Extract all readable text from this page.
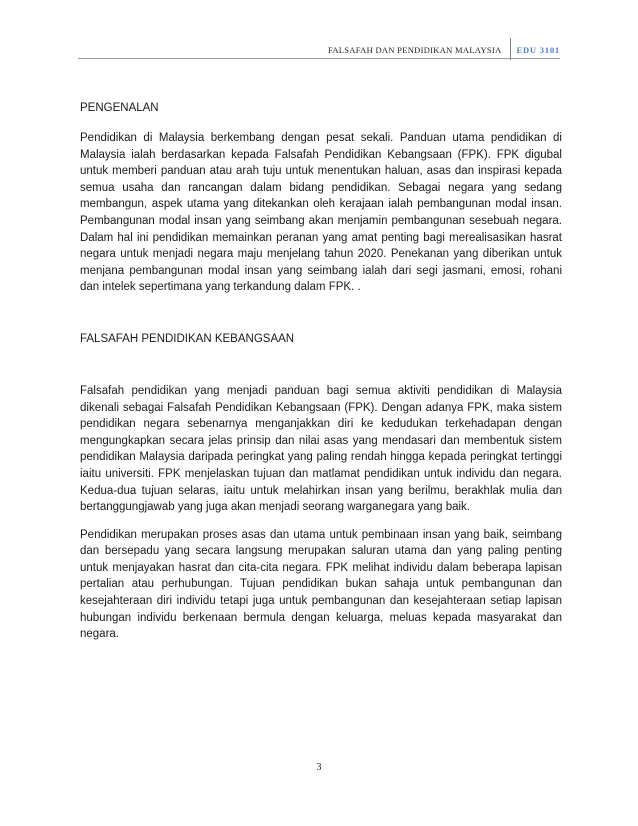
FALSAFAH DAN PENDIDIKAN MALAYSIA	EDU 3101
PENGENALAN

Pendidikan di Malaysia berkembang dengan pesat sekali. Panduan utama pendidikan di Malaysia ialah berdasarkan kepada Falsafah Pendidikan Kebangsaan (FPK). FPK digubal untuk memberi panduan atau arah tuju untuk menentukan haluan, asas dan inspirasi kepada semua usaha dan rancangan dalam bidang pendidikan. Sebagai negara yang sedang membangun, aspek utama yang ditekankan oleh kerajaan ialah pembangunan modal insan. Pembangunan modal insan yang seimbang akan menjamin pembangunan sesebuah negara. Dalam hal ini pendidikan memainkan peranan yang amat penting bagi merealisasikan hasrat negara untuk menjadi negara maju menjelang tahun 2020. Penekanan yang diberikan untuk menjana pembangunan modal insan yang seimbang ialah dari segi jasmani, emosi, rohani dan intelek sepertimana yang terkandung dalam FPK. .

FALSAFAH PENDIDIKAN KEBANGSAAN

Falsafah pendidikan yang menjadi panduan bagi semua aktiviti pendidikan di Malaysia dikenali sebagai Falsafah Pendidikan Kebangsaan (FPK). Dengan adanya FPK, maka sistem pendidikan negara sebenarnya menganjakkan diri ke kedudukan terkehadapan dengan mengungkapkan secara jelas prinsip dan nilai asas yang mendasari dan membentuk sistem pendidikan Malaysia daripada peringkat yang paling rendah hingga kepada peringkat tertinggi iaitu universiti. FPK menjelaskan tujuan dan matlamat pendidikan untuk individu dan negara. Kedua-dua tujuan selaras, iaitu untuk melahirkan insan yang berilmu, berakhlak mulia dan bertanggungjawab yang juga akan menjadi seorang warganegara yang baik.

Pendidikan merupakan proses asas dan utama untuk pembinaan insan yang baik, seimbang dan bersepadu yang secara langsung merupakan saluran utama dan yang paling penting untuk menjayakan hasrat dan cita-cita negara. FPK melihat individu dalam beberapa lapisan pertalian atau perhubungan. Tujuan pendidikan bukan sahaja untuk pembangunan dan kesejahteraan diri individu tetapi juga untuk pembangunan dan kesejahteraan setiap lapisan hubungan individu berkenaan bermula dengan keluarga, meluas kepada masyarakat dan negara.

3
